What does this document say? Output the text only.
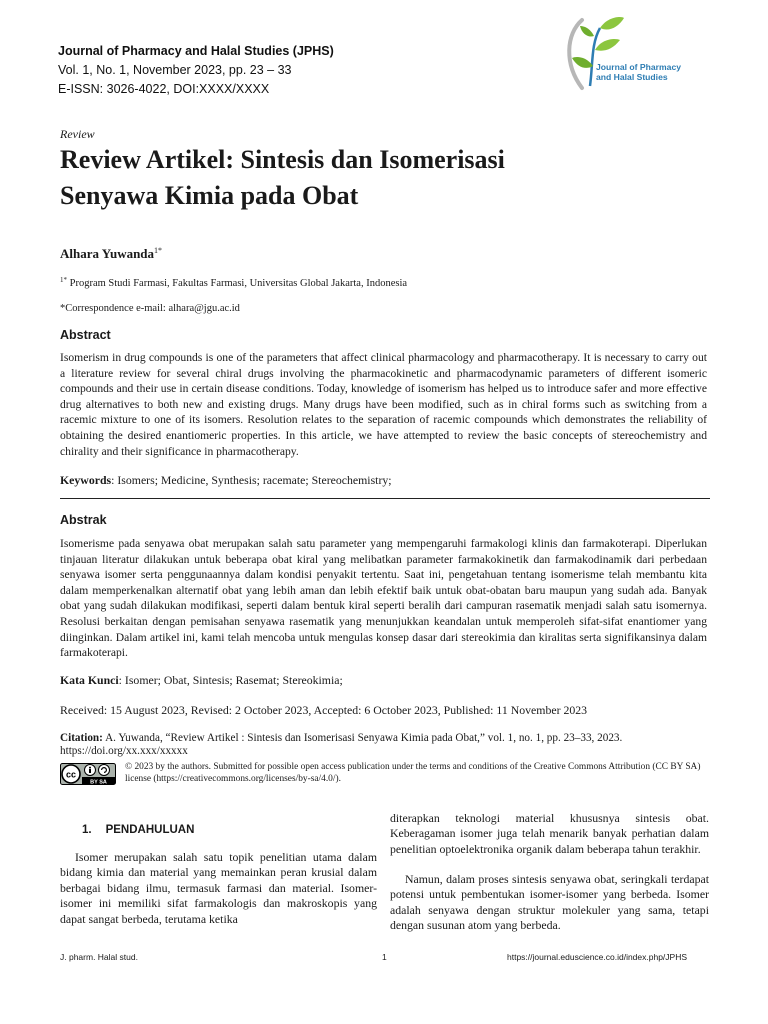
Journal of Pharmacy and Halal Studies (JPHS)
Vol. 1, No. 1, November 2023, pp. 23 – 33
E-ISSN: 3026-4022, DOI:XXXX/XXXX
Journal of Pharmacy
and Halal Studies
Review
Review Artikel: Sintesis dan Isomerisasi
Senyawa Kimia pada Obat
Alhara Yuwanda$^{1*}$
$^{1*}$ Program Studi Farmasi, Fakultas Farmasi, Universitas Global Jakarta, Indonesia
*Correspondence e-mail: alhara@jgu.ac.id
Abstract
Isomerism in drug compounds is one of the parameters that affect clinical pharmacology and pharmacotherapy. It is necessary to carry out a literature review for several chiral drugs involving the pharmacokinetic and pharmacodynamic parameters of different isomeric compounds and their use in certain disease conditions. Today, knowledge of isomerism has helped us to introduce safer and more effective drug alternatives to both new and existing drugs. Many drugs have been modified, such as in chiral forms such as switching from a racemic mixture to one of its isomers. Resolution relates to the separation of racemic compounds which demonstrates the reliability of obtaining the desired enantiomeric properties. In this article, we have attempted to review the basic concepts of stereochemistry and chirality and their significance in pharmacotherapy.
Keywords: Isomers; Medicine, Synthesis; racemate; Stereochemistry;
Abstrak
Isomerisme pada senyawa obat merupakan salah satu parameter yang mempengaruhi farmakologi klinis dan farmakoterapi. Diperlukan tinjauan literatur dilakukan untuk beberapa obat kiral yang melibatkan parameter farmakokinetik dan farmakodinamik dari perbedaan senyawa isomer serta penggunaannya dalam kondisi penyakit tertentu. Saat ini, pengetahuan tentang isomerisme telah membantu kita dalam memperkenalkan alternatif obat yang lebih aman dan lebih efektif baik untuk obat-obatan baru maupun yang sudah ada. Banyak obat yang sudah dilakukan modifikasi, seperti dalam bentuk kiral seperti beralih dari campuran rasematik menjadi salah satu isomernya. Resolusi berkaitan dengan pemisahan senyawa rasematik yang menunjukkan keandalan untuk memperoleh sifat-sifat enantiomer yang diinginkan. Dalam artikel ini, kami telah mencoba untuk mengulas konsep dasar dari stereokimia dan kiralitas serta signifikansinya dalam farmakoterapi.
Kata Kunci: Isomer; Obat, Sintesis; Rasemat; Stereokimia;
Received: 15 August 2023, Revised: 2 October 2023, Accepted: 6 October 2023, Published: 11 November 2023
Citation: A. Yuwanda, “Review Artikel : Sintesis dan Isomerisasi Senyawa Kimia pada Obat,” vol. 1, no. 1, pp. 23–33, 2023.
https://doi.org/xx.xxx/xxxxx
cc
BY SA
© 2023 by the authors. Submitted for possible open access publication under the terms and conditions of the Creative Commons Attribution (CC BY SA) license (https://creativecommons.org/licenses/by-sa/4.0/).
1. PENDAHULUAN
Isomer merupakan salah satu topik penelitian utama dalam bidang kimia dan material yang memainkan peran krusial dalam berbagai bidang ilmu, termasuk farmasi dan material. Isomer-isomer ini memiliki sifat farmakologis dan makroskopis yang dapat sangat berbeda, terutama ketika
diterapkan teknologi material khususnya sintesis obat. Keberagaman isomer juga telah menarik banyak perhatian dalam penelitian optoelektronika organik dalam beberapa tahun terakhir.
Namun, dalam proses sintesis senyawa obat, seringkali terdapat potensi untuk pembentukan isomer-isomer yang berbeda. Isomer adalah senyawa dengan struktur molekuler yang sama, tetapi dengan susunan atom yang berbeda.
J. pharm. Halal stud.	1	https://journal.eduscience.co.id/index.php/JPHS
